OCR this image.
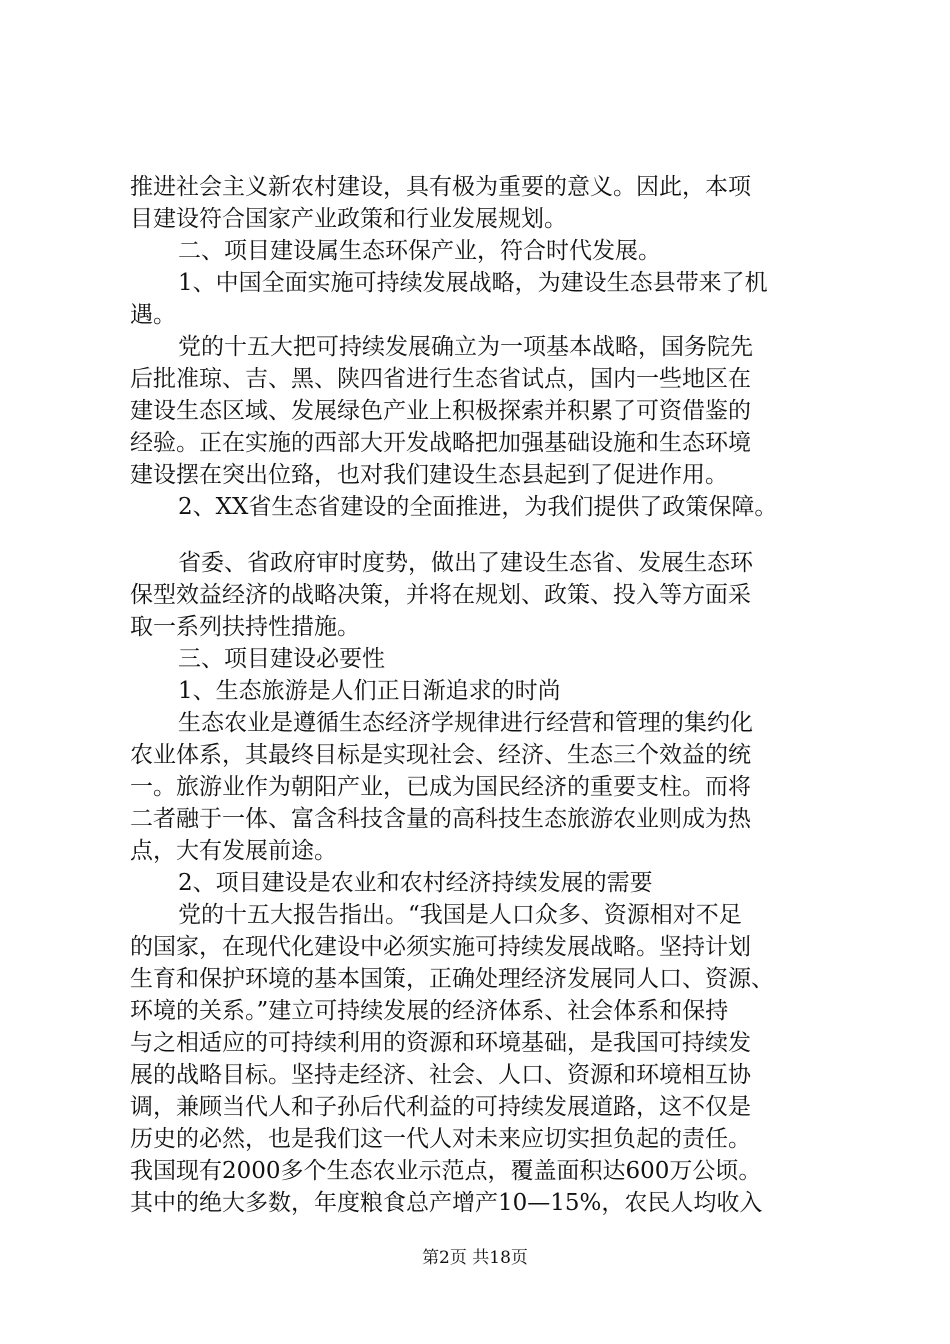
推进社会主义新农村建设，具有极为重要的意义。因此，本项
目建设符合国家产业政策和行业发展规划。
二、项目建设属生态环保产业，符合时代发展。
1、中国全面实施可持续发展战略，为建设生态县带来了机
遇。
党的十五大把可持续发展确立为一项基本战略，国务院先
后批准琼、吉、黑、陕四省进行生态省试点，国内一些地区在
建设生态区域、发展绿色产业上积极探索并积累了可资借鉴的
经验。正在实施的西部大开发战略把加强基础设施和生态环境
建设摆在突出位臵，也对我们建设生态县起到了促进作用。
2、XX省生态省建设的全面推进，为我们提供了政策保障。
省委、省政府审时度势，做出了建设生态省、发展生态环
保型效益经济的战略决策，并将在规划、政策、投入等方面采
取一系列扶持性措施。
三、项目建设必要性
1、生态旅游是人们正日渐追求的时尚
生态农业是遵循生态经济学规律进行经营和管理的集约化
农业体系，其最终目标是实现社会、经济、生态三个效益的统
一。旅游业作为朝阳产业，已成为国民经济的重要支柱。而将
二者融于一体、富含科技含量的高科技生态旅游农业则成为热
点，大有发展前途。
2、项目建设是农业和农村经济持续发展的需要
党的十五大报告指出。“我国是人口众多、资源相对不足
的国家，在现代化建设中必须实施可持续发展战略。坚持计划
生育和保护环境的基本国策，正确处理经济发展同人口、资源、
环境的关系。”建立可持续发展的经济体系、社会体系和保持
与之相适应的可持续利用的资源和环境基础，是我国可持续发
展的战略目标。坚持走经济、社会、人口、资源和环境相互协
调，兼顾当代人和子孙后代利益的可持续发展道路，这不仅是
历史的必然，也是我们这一代人对未来应切实担负起的责任。
我国现有2000多个生态农业示范点，覆盖面积达600万公顷。
其中的绝大多数，年度粮食总产增产10—15%，农民人均收入
第2页 共18页
